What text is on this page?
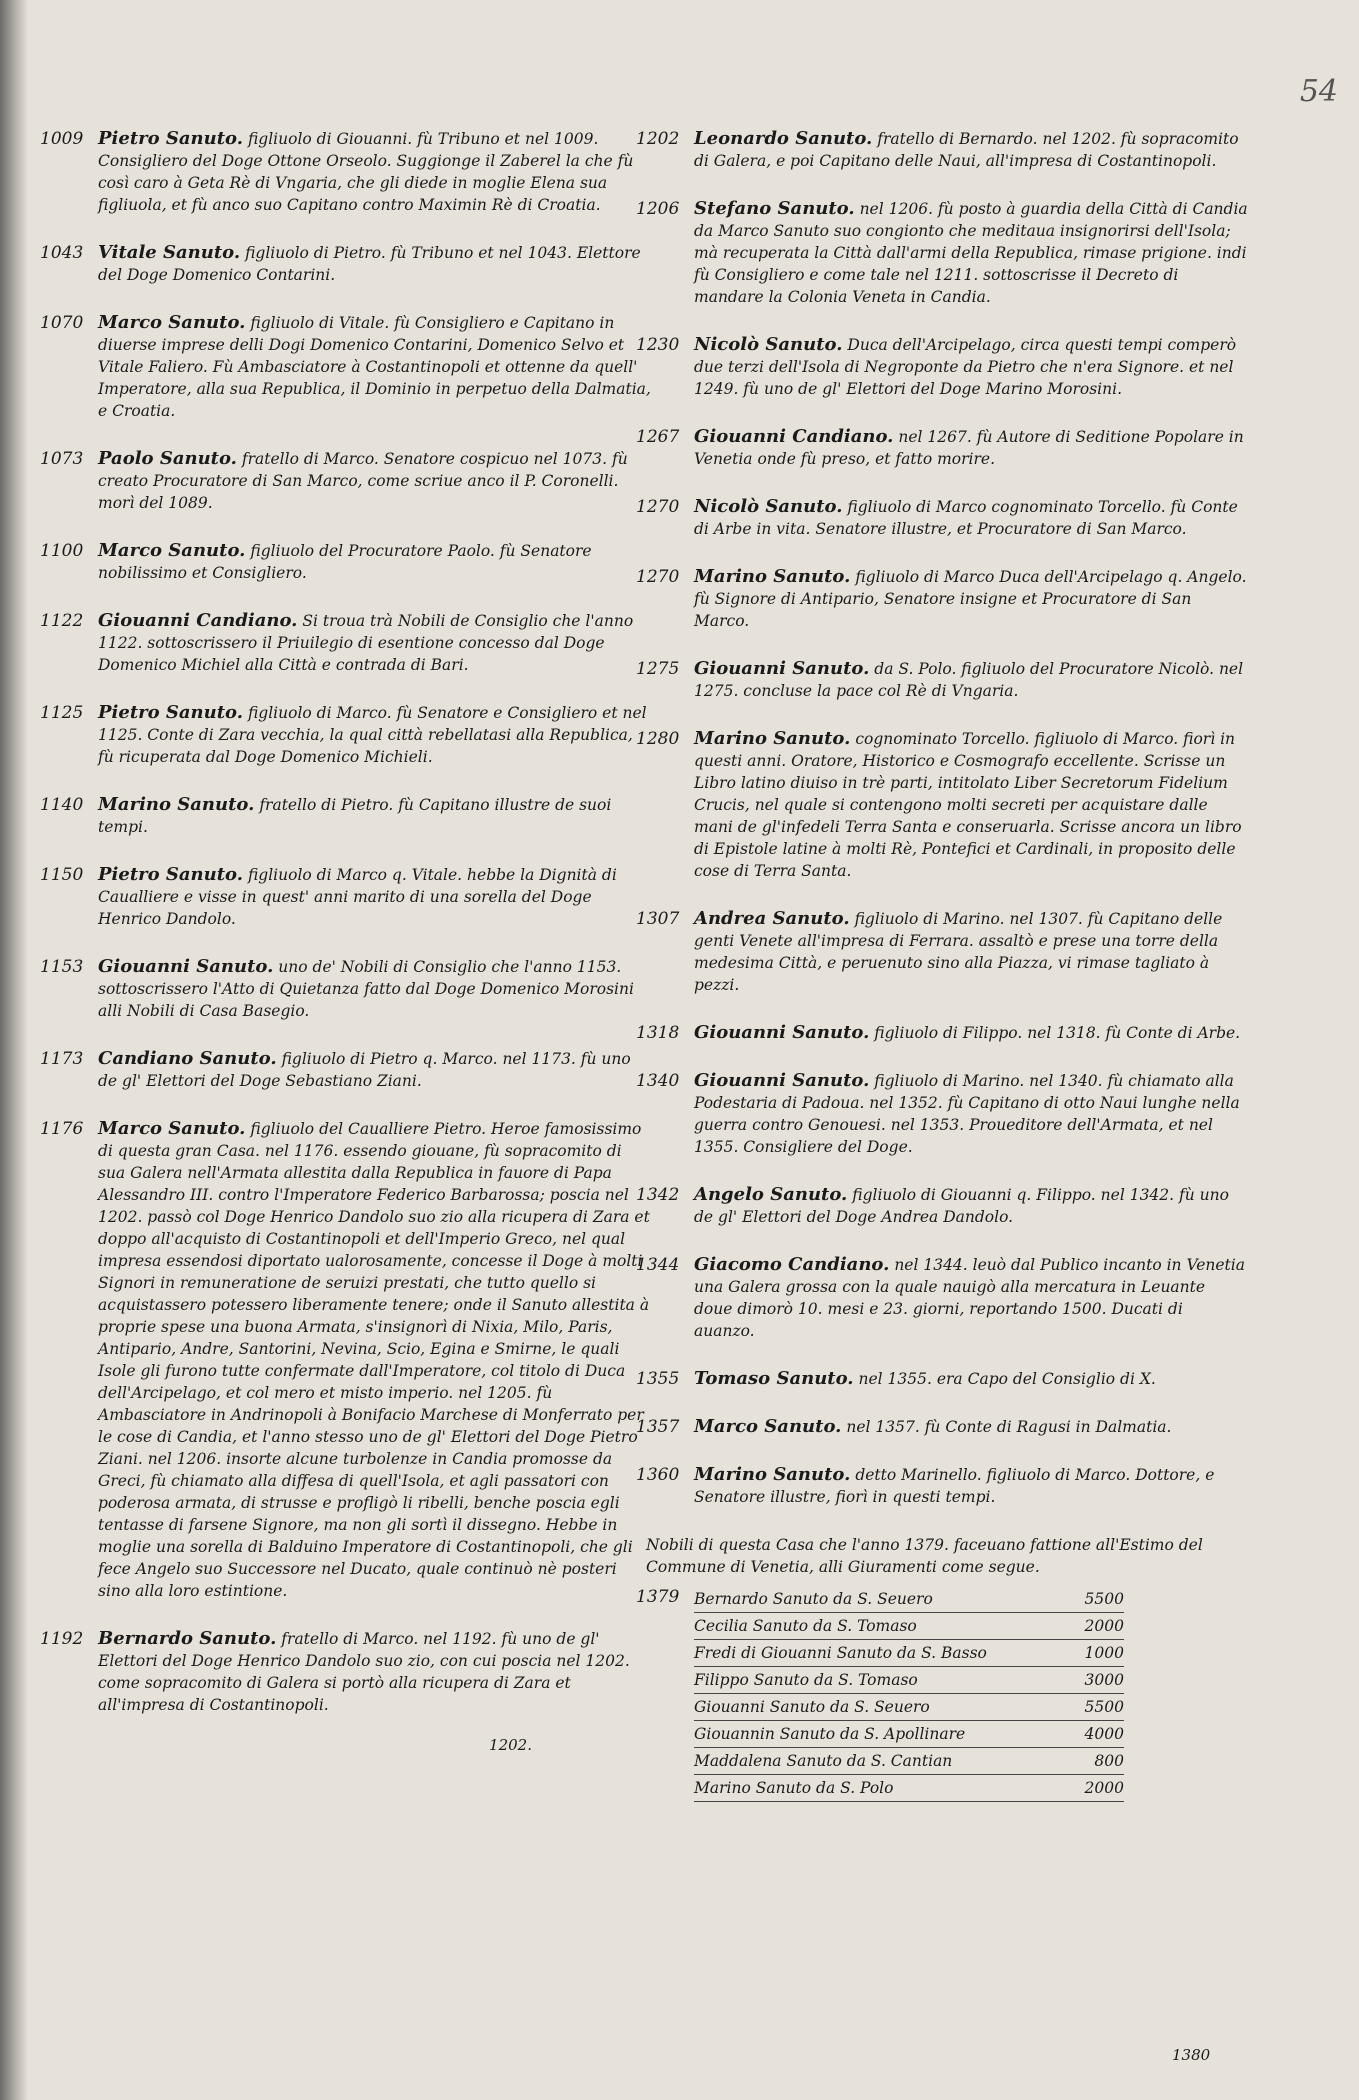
54
1009 Pietro Sanuto. figliuolo di Giouanni. fù Tribuno et nel 1009. Consigliero del Doge Ottone Orseolo. Suggionge il Zaberel la che fù così caro à Geta Rè di Vngaria, che gli diede in moglie Elena sua figliuola, et fù anco suo Capitano contro Maximin Rè di Croatia.
1043 Vitale Sanuto. figliuolo di Pietro. fù Tribuno et nel 1043. Elettore del Doge Domenico Contarini.
1070 Marco Sanuto. figliuolo di Vitale. fù Consigliero e Capitano in diuerse imprese delli Dogi Domenico Contarini, Domenico Selvo et Vitale Faliero. Fù Ambasciatore à Costantinopoli et ottenne da quell' Imperatore, alla sua Republica, il Dominio in perpetuo della Dalmatia, e Croatia.
1073 Paolo Sanuto. fratello di Marco. Senatore cospicuo nel 1073. fù creato Procuratore di San Marco, come scriue anco il P. Coronelli. morì del 1089.
1100 Marco Sanuto. figliuolo del Procuratore Paolo. fù Senatore nobilissimo et Consigliero.
1122 Giouanni Candiano. Si troua trà Nobili de Consiglio che l'anno 1122. sottoscrissero il Priuilegio di esentione concesso dal Doge Domenico Michiel alla Città e contrada di Bari.
1125 Pietro Sanuto. figliuolo di Marco. fù Senatore e Consigliero et nel 1125. Conte di Zara vecchia, la qual città rebellatasi alla Republica, fù ricuperata dal Doge Domenico Michieli.
1140 Marino Sanuto. fratello di Pietro. fù Capitano illustre de suoi tempi.
1150 Pietro Sanuto. figliuolo di Marco q. Vitale. hebbe la Dignità di Caualliere e visse in quest' anni marito di una sorella del Doge Henrico Dandolo.
1153 Giouanni Sanuto. uno de' Nobili di Consiglio che l'anno 1153. sottoscrissero l'Atto di Quietanza fatto dal Doge Domenico Morosini alli Nobili di Casa Basegio.
1173 Candiano Sanuto. figliuolo di Pietro q. Marco. nel 1173. fù uno de gl' Elettori del Doge Sebastiano Ziani.
1176 Marco Sanuto. figliuolo del Caualliere Pietro. Heroe famosissimo di questa gran Casa. nel 1176. essendo giouane, fù sopracomito di sua Galera nell'Armata allestita dalla Republica in fauore di Papa Alessandro III. contro l'Imperatore Federico Barbarossa; poscia nel 1202. passò col Doge Henrico Dandolo suo zio alla ricupera di Zara et doppo all'acquisto di Costantinopoli et dell'Imperio Greco, nel qual impresa essendosi diportato ualorosamente, concesse il Doge à molti Signori in remuneratione de seruizi prestati, che tutto quello si acquistassero potessero liberamente tenere; onde il Sanuto allestita à proprie spese una buona Armata, s'insignorì di Nixia, Milo, Paris, Antipario, Andre, Santorini, Nevina, Scio, Egina e Smirne, le quali Isole gli furono tutte confermate dall'Imperatore, col titolo di Duca dell'Arcipelago, et col mero et misto imperio. nel 1205. fù Ambasciatore in Andrinopoli à Bonifacio Marchese di Monferrato per le cose di Candia, et l'anno stesso uno de gl' Elettori del Doge Pietro Ziani. nel 1206. insorte alcune turbolenze in Candia promosse da Greci, fù chiamato alla diffesa di quell'Isola, et agli passatori con poderosa armata, di strusse e profligò li ribelli, benche poscia egli tentasse di farsene Signore, ma non gli sortì il dissegno. Hebbe in moglie una sorella di Balduino Imperatore di Costantinopoli, che gli fece Angelo suo Successore nel Ducato, quale continuò nè posteri sino alla loro estintione.
1192 Bernardo Sanuto. fratello di Marco. nel 1192. fù uno de gl' Elettori del Doge Henrico Dandolo suo zio, con cui poscia nel 1202. come sopracomito di Galera si portò alla ricupera di Zara et all'impresa di Costantinopoli.
1202.
1202 Leonardo Sanuto. fratello di Bernardo. nel 1202. fù sopracomito di Galera, e poi Capitano delle Naui, all'impresa di Costantinopoli.
1206 Stefano Sanuto. nel 1206. fù posto à guardia della Città di Candia da Marco Sanuto suo congionto che meditaua insignorirsi dell'Isola; mà recuperata la Città dall'armi della Republica, rimase prigione. indi fù Consigliero e come tale nel 1211. sottoscrisse il Decreto di mandare la Colonia Veneta in Candia.
1230 Nicolò Sanuto. Duca dell'Arcipelago, circa questi tempi comperò due terzi dell'Isola di Negroponte da Pietro che n'era Signore. et nel 1249. fù uno de gl' Elettori del Doge Marino Morosini.
1267 Giouanni Candiano. nel 1267. fù Autore di Seditione Popolare in Venetia onde fù preso, et fatto morire.
1270 Nicolò Sanuto. figliuolo di Marco cognominato Torcello. fù Conte di Arbe in vita. Senatore illustre, et Procuratore di San Marco.
1270 Marino Sanuto. figliuolo di Marco Duca dell'Arcipelago q. Angelo. fù Signore di Antipario, Senatore insigne et Procuratore di San Marco.
1275 Giouanni Sanuto. da S. Polo. figliuolo del Procuratore Nicolò. nel 1275. concluse la pace col Rè di Vngaria.
1280 Marino Sanuto. cognominato Torcello. figliuolo di Marco. fiorì in questi anni. Oratore, Historico e Cosmografo eccellente. Scrisse un Libro latino diuiso in trè parti, intitolato Liber Secretorum Fidelium Crucis, nel quale si contengono molti secreti per acquistare dalle mani de gl'infedeli Terra Santa e conseruarla. Scrisse ancora un libro di Epistole latine à molti Rè, Pontefici et Cardinali, in proposito delle cose di Terra Santa.
1307 Andrea Sanuto. figliuolo di Marino. nel 1307. fù Capitano delle genti Venete all'impresa di Ferrara. assaltò e prese una torre della medesima Città, e peruenuto sino alla Piazza, vi rimase tagliato à pezzi.
1318 Giouanni Sanuto. figliuolo di Filippo. nel 1318. fù Conte di Arbe.
1340 Giouanni Sanuto. figliuolo di Marino. nel 1340. fù chiamato alla Podestaria di Padoua. nel 1352. fù Capitano di otto Naui lunghe nella guerra contro Genouesi. nel 1353. Proueditore dell'Armata, et nel 1355. Consigliere del Doge.
1342 Angelo Sanuto. figliuolo di Giouanni q. Filippo. nel 1342. fù uno de gl' Elettori del Doge Andrea Dandolo.
1344 Giacomo Candiano. nel 1344. leuò dal Publico incanto in Venetia una Galera grossa con la quale nauigò alla mercatura in Leuante doue dimorò 10. mesi e 23. giorni, reportando 1500. Ducati di auanzo.
1355 Tomaso Sanuto. nel 1355. era Capo del Consiglio di X.
1357 Marco Sanuto. nel 1357. fù Conte di Ragusi in Dalmatia.
1360 Marino Sanuto. detto Marinello. figliuolo di Marco. Dottore, e Senatore illustre, fiorì in questi tempi.
Nobili di questa Casa che l'anno 1379. faceuano fattione all'Estimo del Commune di Venetia, alli Giuramenti come segue.
1379 Bernardo Sanuto da S. Seuero	5500
Cecilia Sanuto da S. Tomaso	2000
Fredi di Giouanni Sanuto da S. Basso	1000
Filippo Sanuto da S. Tomaso	3000
Giouanni Sanuto da S. Seuero	5500
Giouannin Sanuto da S. Apollinare	4000
Maddalena Sanuto da S. Cantian	800
Marino Sanuto da S. Polo	2000
1380
